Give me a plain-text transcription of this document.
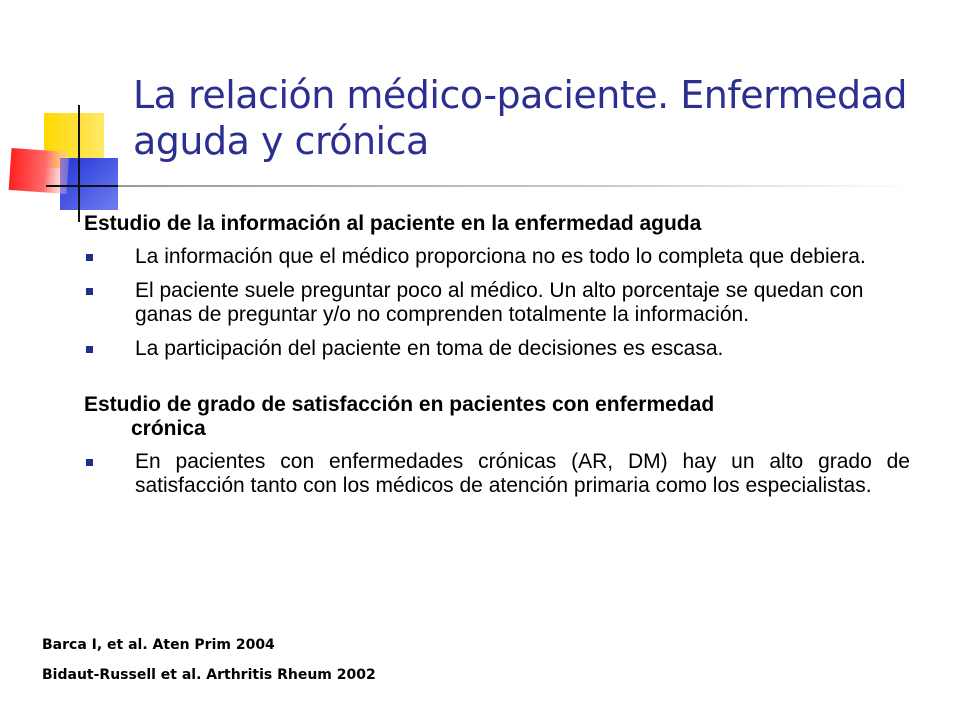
La relación médico-paciente. Enfermedad
aguda y crónica

Estudio de la información al paciente en la enfermedad aguda

La información que el médico proporciona no es todo lo completa que debiera.
El paciente suele preguntar poco al médico. Un alto porcentaje se quedan con ganas de preguntar y/o no comprenden totalmente la información.
La participación del paciente en toma de decisiones es escasa.

Estudio de grado de satisfacción en pacientes con enfermedad
crónica

En pacientes con enfermedades crónicas (AR, DM) hay un alto grado de satisfacción tanto con los médicos de atención primaria como los especialistas.
Barca I, et al. Aten Prim 2004
Bidaut-Russell et al. Arthritis Rheum 2002
